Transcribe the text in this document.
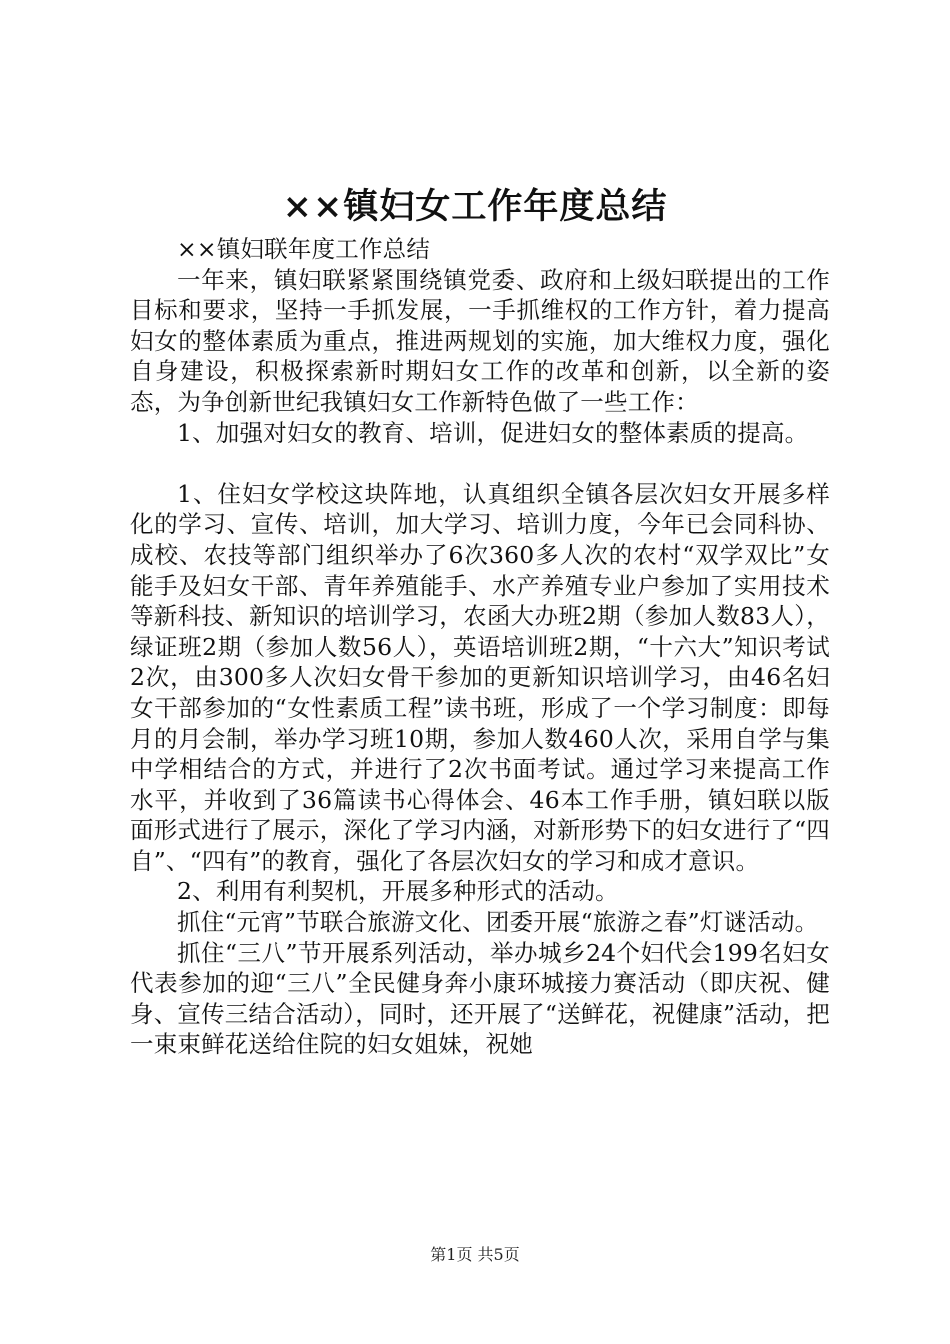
××镇妇女工作年度总结

××镇妇联年度工作总结

一年来，镇妇联紧紧围绕镇党委、政府和上级妇联提出的工作目标和要求，坚持一手抓发展，一手抓维权的工作方针，着力提高妇女的整体素质为重点，推进两规划的实施，加大维权力度，强化自身建设，积极探索新时期妇女工作的改革和创新，以全新的姿态，为争创新世纪我镇妇女工作新特色做了一些工作：

1、加强对妇女的教育、培训，促进妇女的整体素质的提高。

1、住妇女学校这块阵地，认真组织全镇各层次妇女开展多样化的学习、宣传、培训，加大学习、培训力度，今年已会同科协、成校、农技等部门组织举办了6次360多人次的农村“双学双比”女能手及妇女干部、青年养殖能手、水产养殖专业户参加了实用技术等新科技、新知识的培训学习，农函大办班2期（参加人数83人），绿证班2期（参加人数56人），英语培训班2期，“十六大”知识考试2次，由300多人次妇女骨干参加的更新知识培训学习，由46名妇女干部参加的“女性素质工程”读书班，形成了一个学习制度：即每月的月会制，举办学习班10期，参加人数460人次，采用自学与集中学相结合的方式，并进行了2次书面考试。通过学习来提高工作水平，并收到了36篇读书心得体会、46本工作手册，镇妇联以版面形式进行了展示，深化了学习内涵，对新形势下的妇女进行了“四自”、“四有”的教育，强化了各层次妇女的学习和成才意识。

2、利用有利契机，开展多种形式的活动。

抓住“元宵”节联合旅游文化、团委开展“旅游之春”灯谜活动。

抓住“三八”节开展系列活动，举办城乡24个妇代会199名妇女代表参加的迎“三八”全民健身奔小康环城接力赛活动（即庆祝、健身、宣传三结合活动），同时，还开展了“送鲜花，祝健康”活动，把一束束鲜花送给住院的妇女姐妹，祝她

第1页 共5页
